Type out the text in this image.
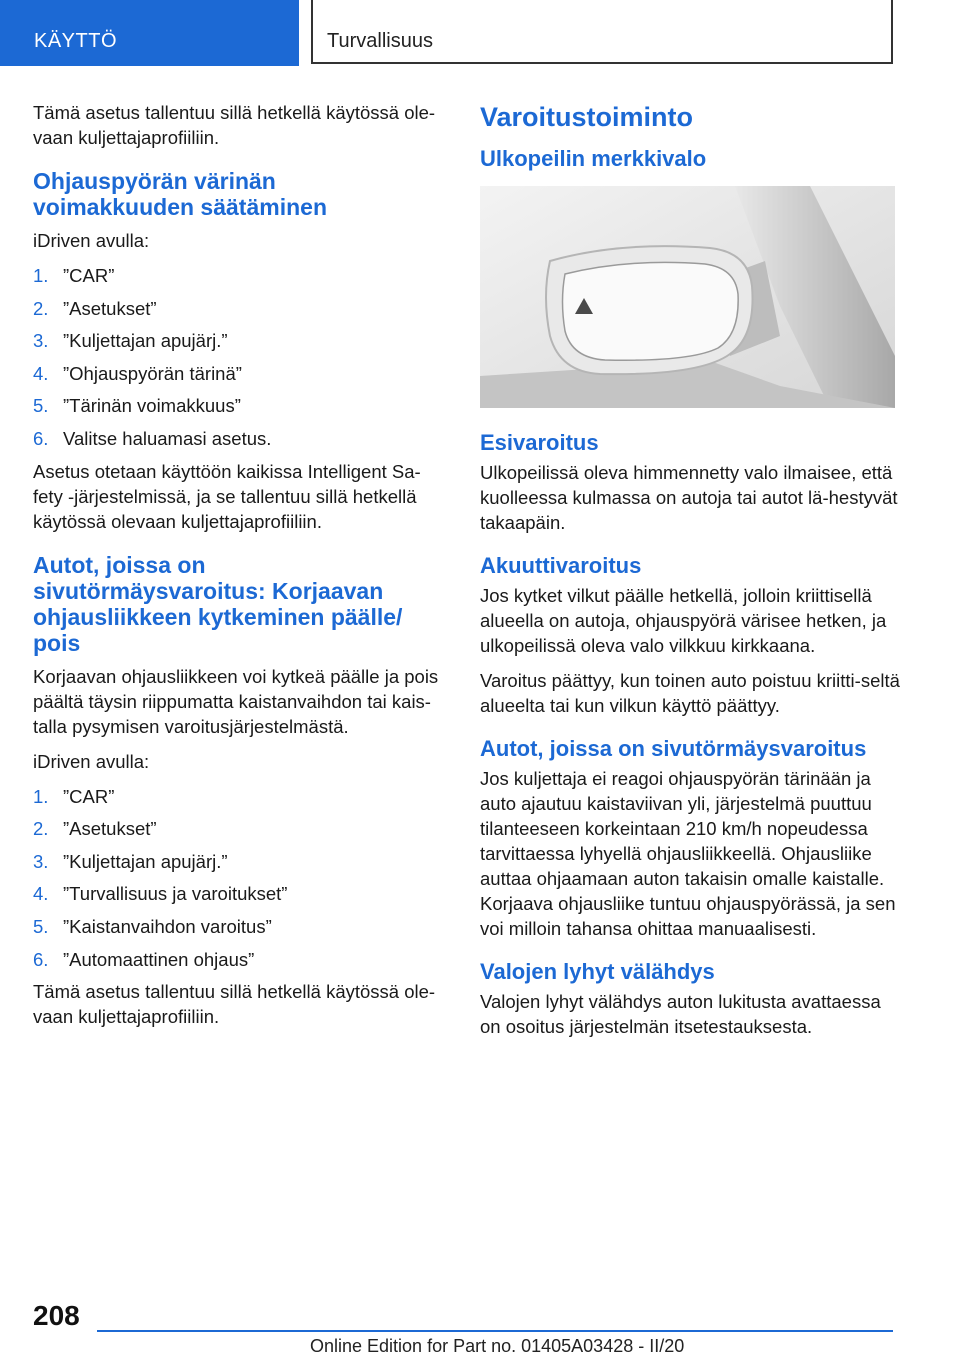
KÄYTTÖ	Turvallisuus

Tämä asetus tallentuu sillä hetkellä käytössä ole-vaan kuljettajaprofiiliin.

Ohjauspyörän värinän voimakkuuden säätäminen

iDriven avulla:

1. ”CAR”
2. ”Asetukset”
3. ”Kuljettajan apujärj.”
4. ”Ohjauspyörän tärinä”
5. ”Tärinän voimakkuus”
6. Valitse haluamasi asetus.

Asetus otetaan käyttöön kaikissa Intelligent Sa-fety -järjestelmissä, ja se tallentuu sillä hetkellä käytössä olevaan kuljettajaprofiiliin.

Autot, joissa on sivutörmäysvaroitus: Korjaavan ohjausliikkeen kytkeminen päälle/ pois

Korjaavan ohjausliikkeen voi kytkeä päälle ja pois päältä täysin riippumatta kaistanvaihdon tai kais-talla pysymisen varoitusjärjestelmästä.

iDriven avulla:

1. ”CAR”
2. ”Asetukset”
3. ”Kuljettajan apujärj.”
4. ”Turvallisuus ja varoitukset”
5. ”Kaistanvaihdon varoitus”
6. ”Automaattinen ohjaus”

Tämä asetus tallentuu sillä hetkellä käytössä ole-vaan kuljettajaprofiiliin.

Varoitustoiminto
Ulkopeilin merkkivalo
Esivaroitus

Ulkopeilissä oleva himmennetty valo ilmaisee, että kuolleessa kulmassa on autoja tai autot lä-hestyvät takaapäin.

Akuuttivaroitus

Jos kytket vilkut päälle hetkellä, jolloin kriittisellä alueella on autoja, ohjauspyörä värisee hetken, ja ulkopeilissä oleva valo vilkkuu kirkkaana.

Varoitus päättyy, kun toinen auto poistuu kriitti-seltä alueelta tai kun vilkun käyttö päättyy.

Autot, joissa on sivutörmäysvaroitus

Jos kuljettaja ei reagoi ohjauspyörän tärinään ja auto ajautuu kaistaviivan yli, järjestelmä puuttuu tilanteeseen korkeintaan 210 km/h nopeudessa tarvittaessa lyhyellä ohjausliikkeellä. Ohjausliike auttaa ohjaamaan auton takaisin omalle kaistalle. Korjaava ohjausliike tuntuu ohjauspyörässä, ja sen voi milloin tahansa ohittaa manuaalisesti.

Valojen lyhyt välähdys

Valojen lyhyt välähdys auton lukitusta avattaessa on osoitus järjestelmän itsetestauksesta.

208
Online Edition for Part no. 01405A03428 - II/20
